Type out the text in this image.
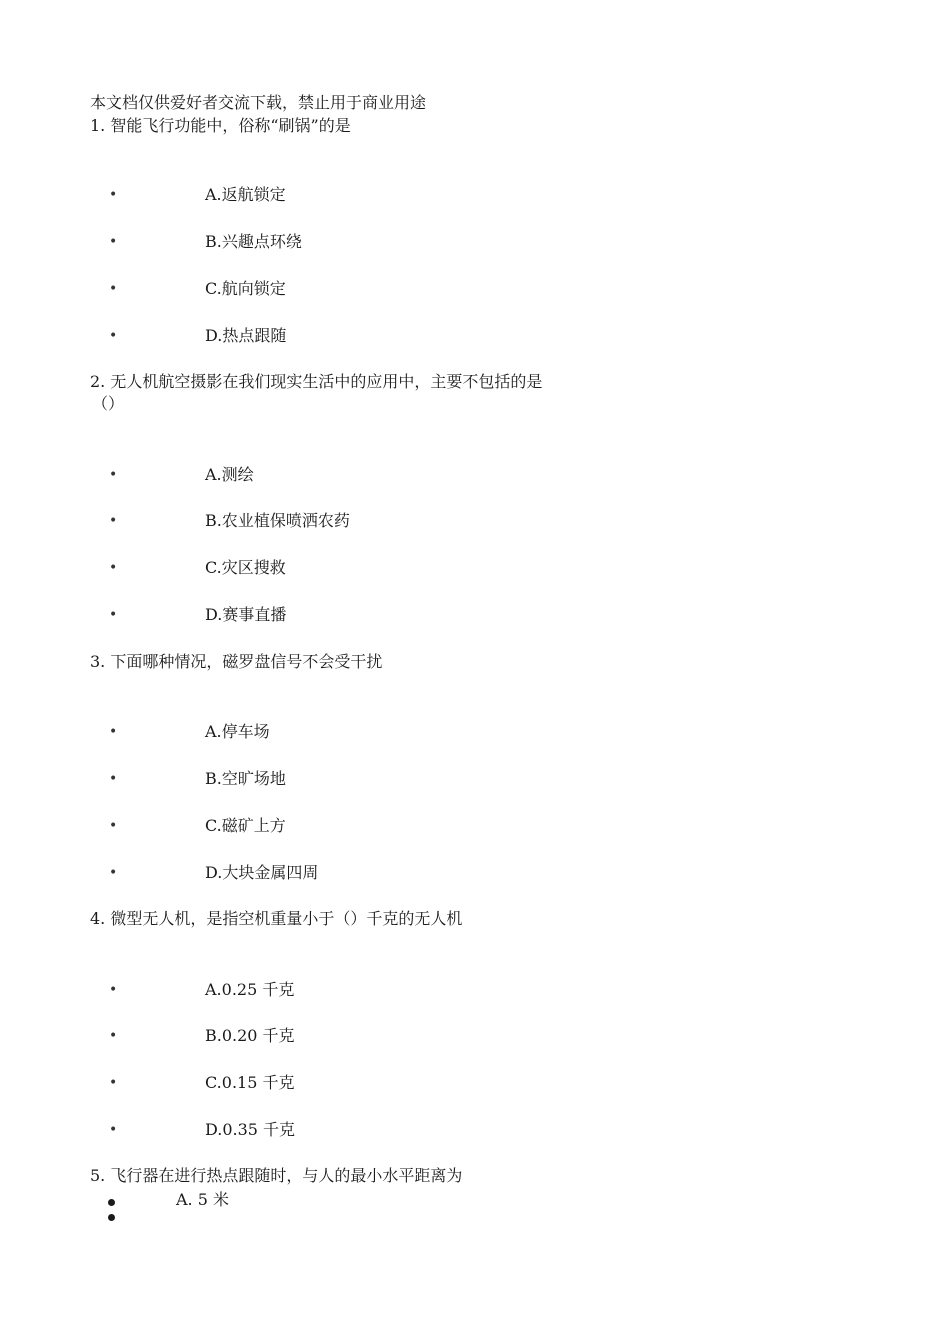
本文档仅供爱好者交流下载，禁止用于商业用途
1. 智能飞行功能中，俗称“刷锅”的是
•	A.返航锁定
•	B.兴趣点环绕
•	C.航向锁定
•	D.热点跟随
2. 无人机航空摄影在我们现实生活中的应用中，主要不包括的是
（）
•	A.测绘
•	B.农业植保喷洒农药
•	C.灾区搜救
•	D.赛事直播
3. 下面哪种情况，磁罗盘信号不会受干扰
•	A.停车场
•	B.空旷场地
•	C.磁矿上方
•	D.大块金属四周
4. 微型无人机，是指空机重量小于（）千克的无人机
•	A.0.25 千克
•	B.0.20 千克
•	C.0.15 千克
•	D.0.35 千克
5. 飞行器在进行热点跟随时，与人的最小水平距离为
A. 5 米
